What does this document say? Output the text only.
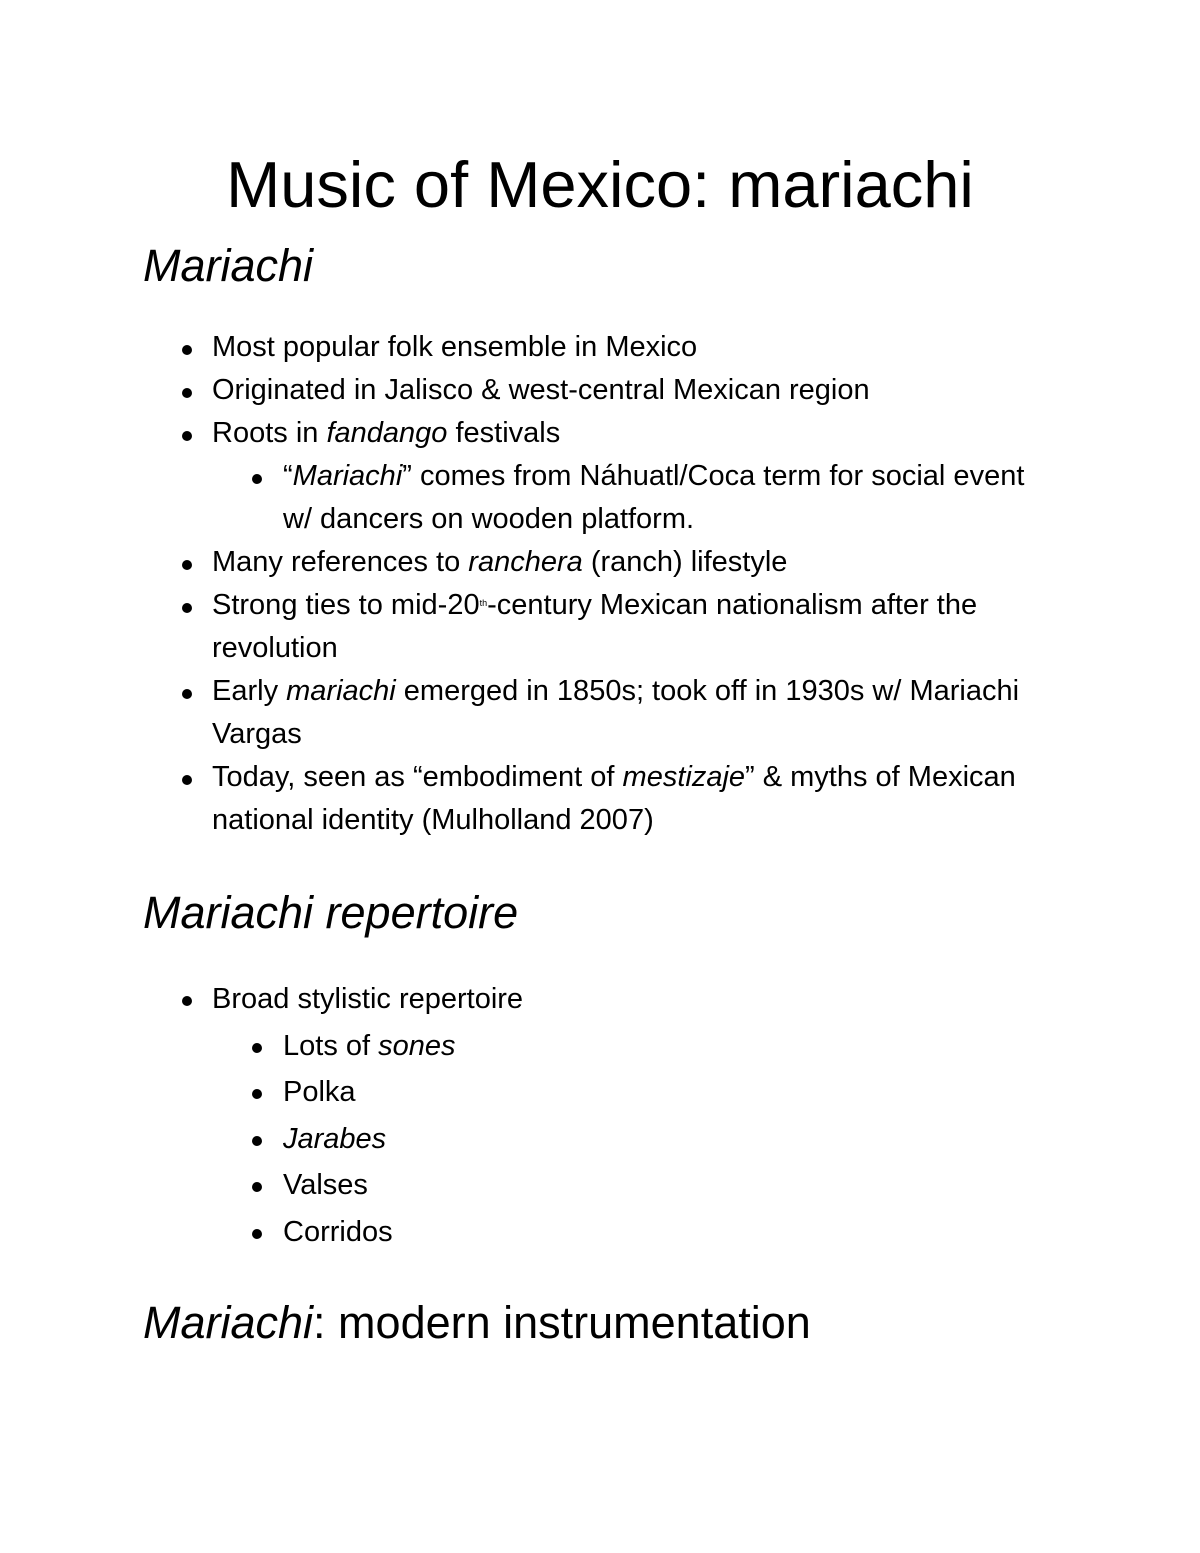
Music of Mexico: mariachi
Mariachi
Most popular folk ensemble in Mexico
Originated in Jalisco & west-central Mexican region
Roots in fandango festivals
“Mariachi” comes from Náhuatl/Coca term for social event w/ dancers on wooden platform.
Many references to ranchera (ranch) lifestyle
Strong ties to mid-20th-century Mexican nationalism after the revolution
Early mariachi emerged in 1850s; took off in 1930s w/ Mariachi Vargas
Today, seen as “embodiment of mestizaje” & myths of Mexican national identity (Mulholland 2007)
Mariachi repertoire
Broad stylistic repertoire
Lots of sones
Polka
Jarabes
Valses
Corridos
Mariachi: modern instrumentation
